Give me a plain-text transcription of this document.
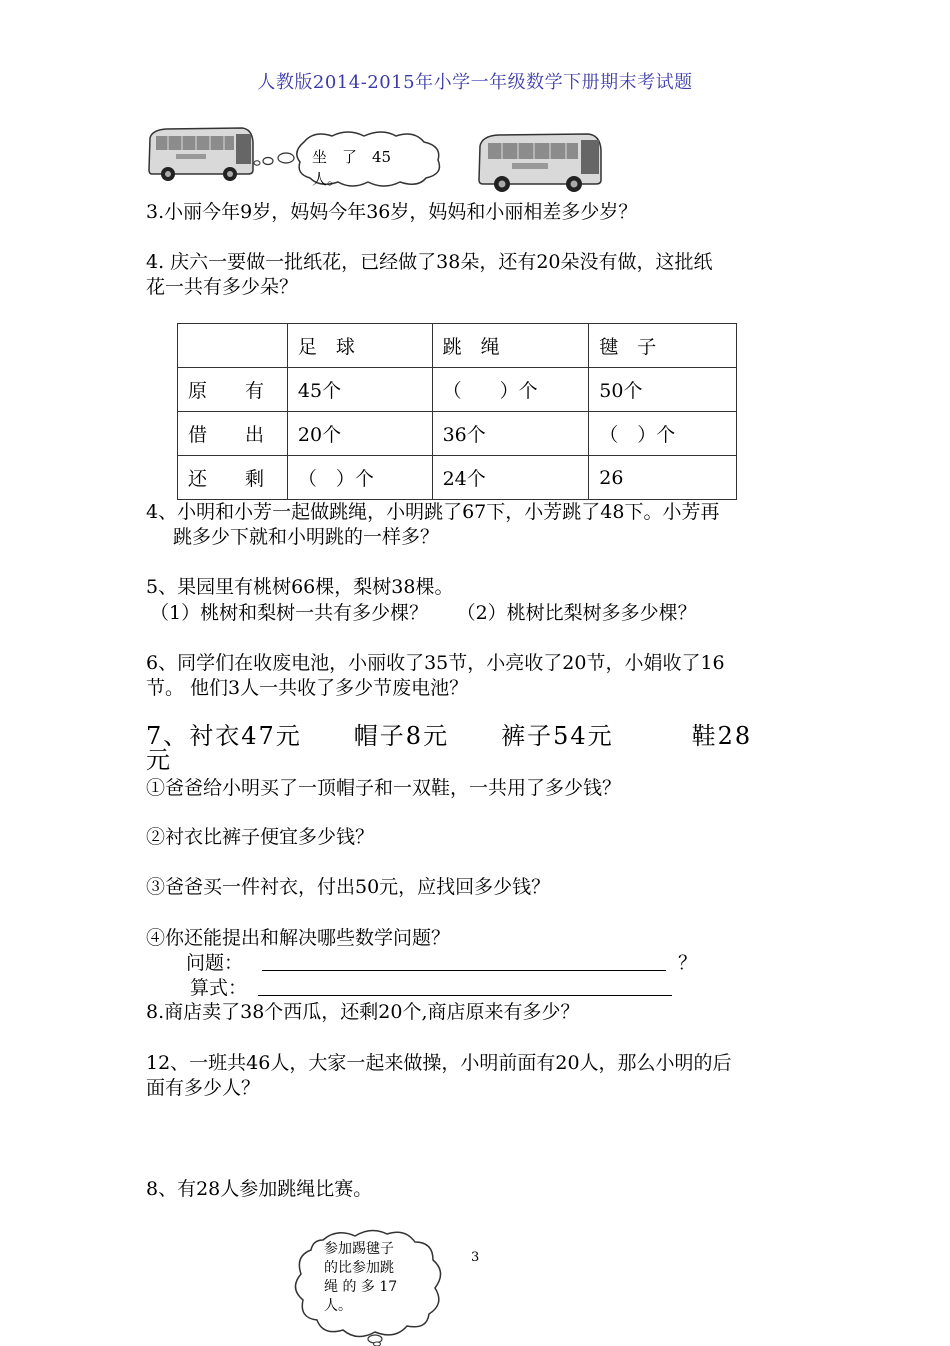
人教版2014-2015年小学一年级数学下册期末考试题
坐　了　45 人。
3.小丽今年9岁，妈妈今年36岁，妈妈和小丽相差多少岁？
4. 庆六一要做一批纸花，已经做了38朵，还有20朵没有做，这批纸
花一共有多少朵？
	足　球	跳　绳	毽　子
原　　有	45个	（　　）个	50个
借　　出	20个	36个	（　）个
还　　剩	（　）个	24个	26
4、小明和小芳一起做跳绳，小明跳了67下，小芳跳了48下。小芳再
跳多少下就和小明跳的一样多？
5、果园里有桃树66棵，梨树38棵。
（1）桃树和梨树一共有多少棵？　　（2）桃树比梨树多多少棵？
6、同学们在收废电池，小丽收了35节，小亮收了20节，小娟收了16
节。 他们3人一共收了多少节废电池？
7、衬衣47元　　帽子8元　　裤子54元　　　鞋28
元
①爸爸给小明买了一顶帽子和一双鞋，一共用了多少钱？
②衬衣比裤子便宜多少钱？
③爸爸买一件衬衣，付出50元，应找回多少钱？
④你还能提出和解决哪些数学问题？
问题：	？
算式：
8.商店卖了38个西瓜，还剩20个,商店原来有多少？
12、一班共46人，大家一起来做操，小明前面有20人，那么小明的后
面有多少人？
8、有28人参加跳绳比赛。
参加踢毽子
的比参加跳
绳 的 多 17
人。
3
